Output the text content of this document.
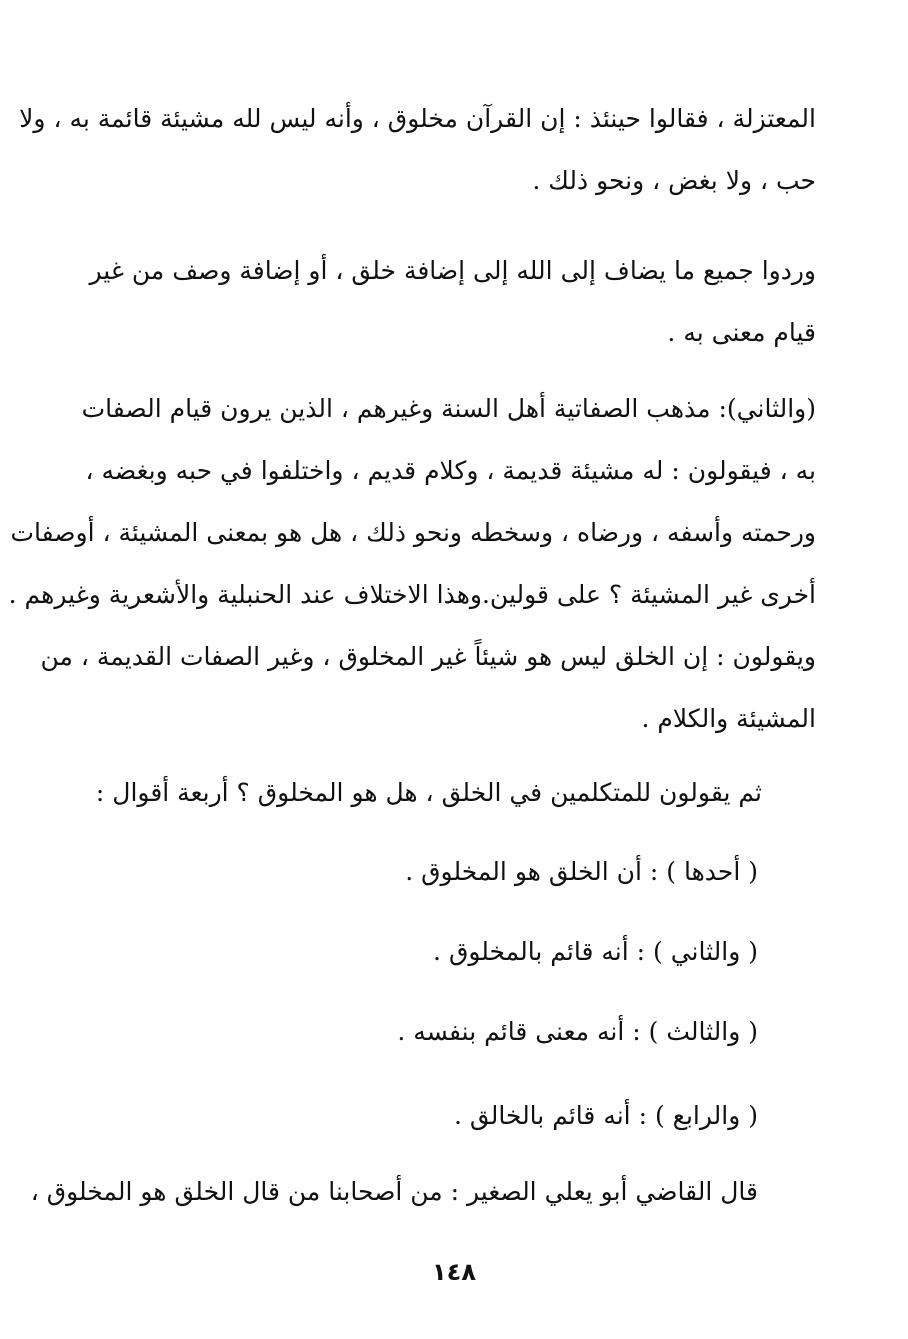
المعتزلة ، فقالوا حينئذ : إن القرآن مخلوق ، وأنه ليس لله مشيئة قائمة به ، ولا
حب ، ولا بغض ، ونحو ذلك .
وردوا جميع ما يضاف إلى الله إلى إضافة خلق ، أو إضافة وصف من غير
قيام معنى به .
(والثاني): مذهب الصفاتية أهل السنة وغيرهم ، الذين يرون قيام الصفات
به ، فيقولون : له مشيئة قديمة ، وكلام قديم ، واختلفوا في حبه وبغضه ،
ورحمته وأسفه ، ورضاه ، وسخطه ونحو ذلك ، هل هو بمعنى المشيئة ، أوصفات
أخرى غير المشيئة ؟ على قولين.وهذا الاختلاف عند الحنبلية والأشعرية وغيرهم .
ويقولون : إن الخلق ليس هو شيئاً غير المخلوق ، وغير الصفات القديمة ، من
المشيئة والكلام .
ثم يقولون للمتكلمين في الخلق ، هل هو المخلوق ؟ أربعة أقوال :
( أحدها ) : أن الخلق هو المخلوق .
( والثاني ) : أنه قائم بالمخلوق .
( والثالث ) : أنه معنى قائم بنفسه .
( والرابع ) : أنه قائم بالخالق .
قال القاضي أبو يعلي الصغير : من أصحابنا من قال الخلق هو المخلوق ،
١٤٨
